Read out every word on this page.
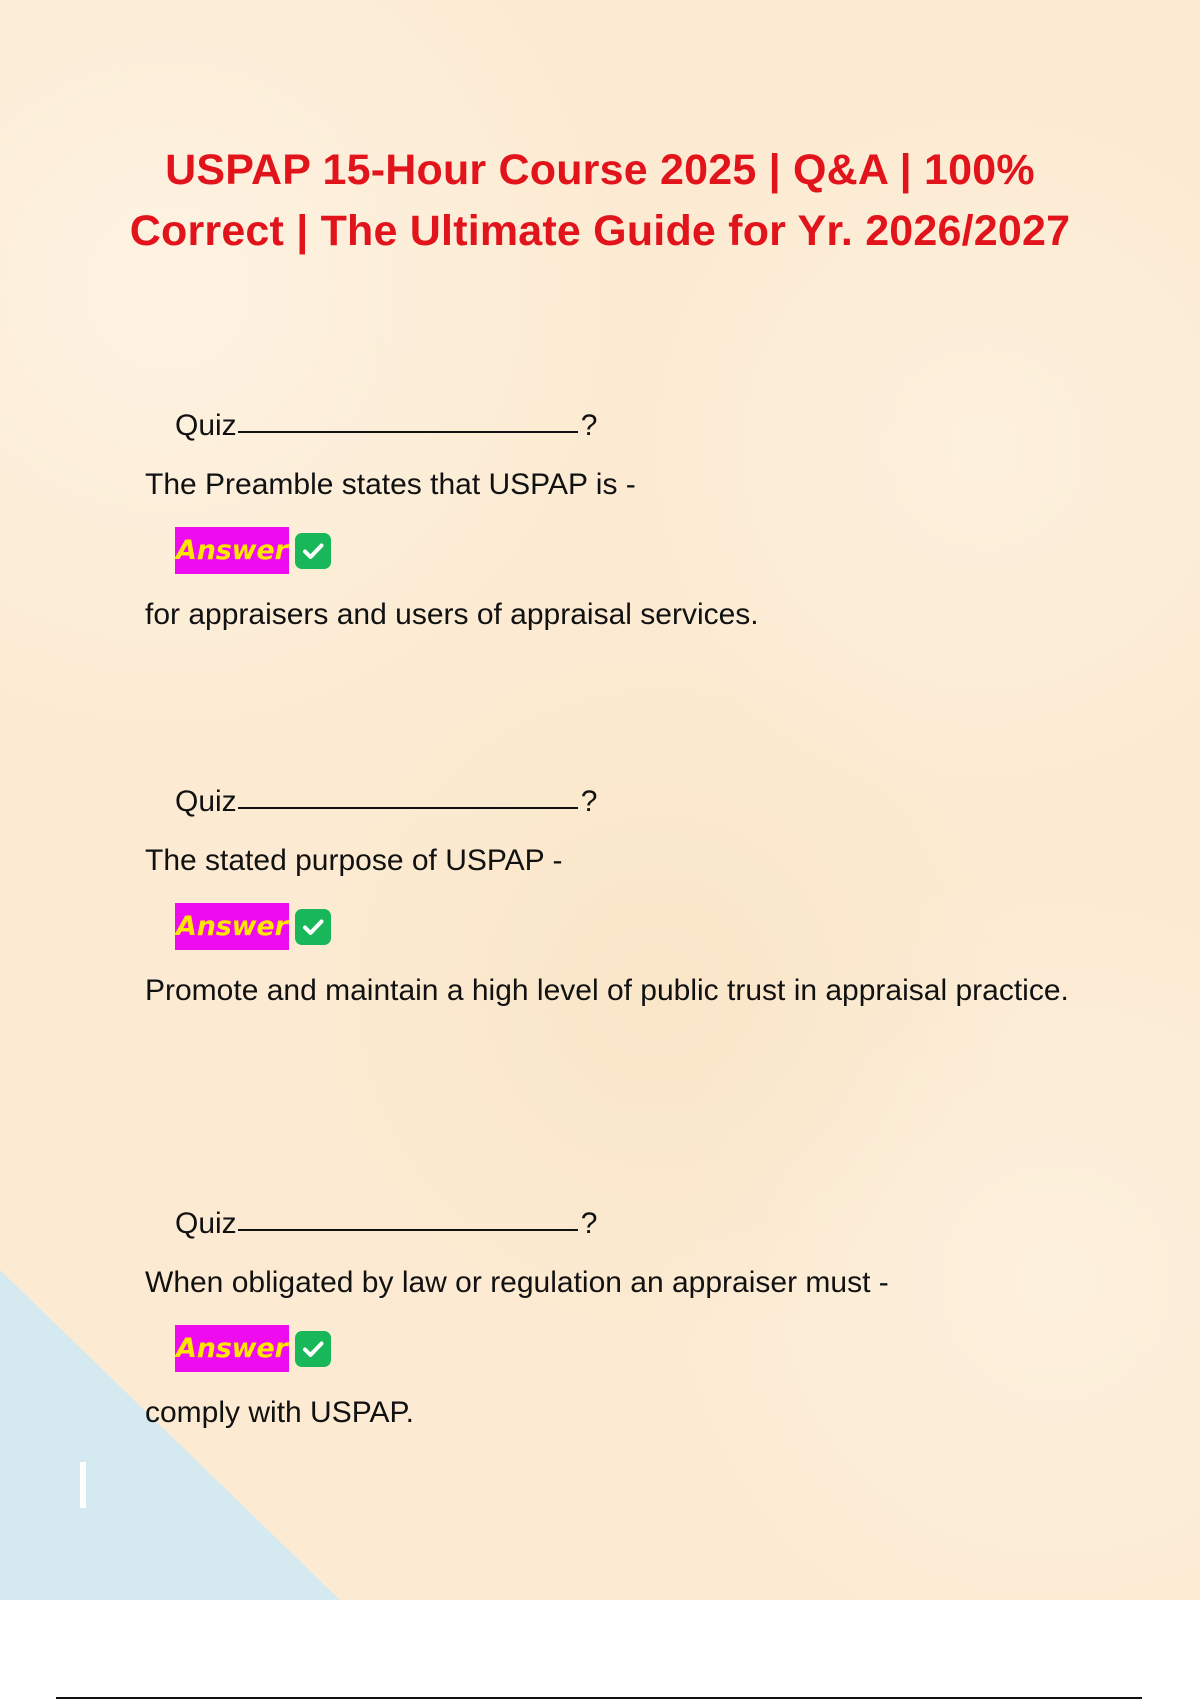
USPAP 15-Hour Course 2025 | Q&A | 100% Correct | The Ultimate Guide for Yr. 2026/2027
Quiz	?
The Preamble states that USPAP is -
Answer
for appraisers and users of appraisal services.
Quiz	?
The stated purpose of USPAP -
Answer
Promote and maintain a high level of public trust in appraisal practice.
Quiz	?
When obligated by law or regulation an appraiser must -
Answer
comply with USPAP.
